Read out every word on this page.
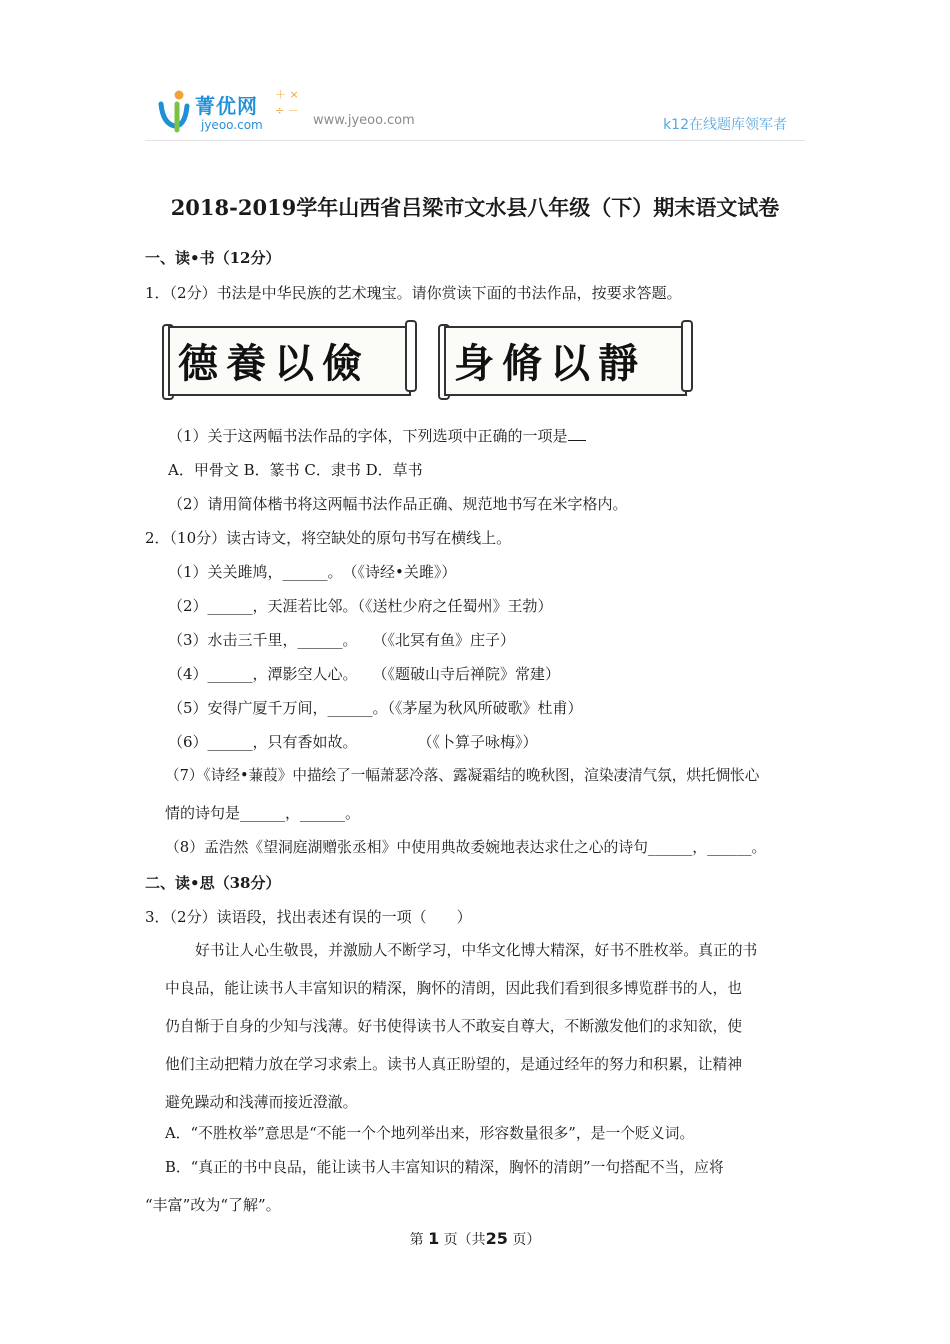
菁优网
jyeoo.com
＋ ×
÷ －
www.jyeoo.com	k12在线题库领军者
2018-2019学年山西省吕梁市文水县八年级（下）期末语文试卷
一、读•书（12分）
1．（2分）书法是中华民族的艺术瑰宝。请你赏读下面的书法作品，按要求答题。
德養以儉	身脩以靜
（1）关于这两幅书法作品的字体，下列选项中正确的一项是
A．甲骨文 B．篆书 C．隶书 D．草书
（2）请用简体楷书将这两幅书法作品正确、规范地书写在米字格内。
2．（10分）读古诗文，将空缺处的原句书写在横线上。
（1）关关雎鸠，______。　（《诗经•关雎》）
（2）______，天涯若比邻。（《送杜少府之任蜀州》王勃）
（3）水击三千里，______。　　（《北冥有鱼》庄子）
（4）______，潭影空人心。　　（《题破山寺后禅院》常建）
（5）安得广厦千万间，______。（《茅屋为秋风所破歌》杜甫）
（6）______，只有香如故。　　　　　（《卜算子咏梅》）
（7）《诗经•蒹葭》中描绘了一幅萧瑟冷落、露凝霜结的晚秋图，渲染凄清气氛，烘托惆怅心
情的诗句是______，______。
（8）孟浩然《望洞庭湖赠张丞相》中使用典故委婉地表达求仕之心的诗句______，______。
二、读•思（38分）
3．（2分）读语段，找出表述有误的一项（　　）
好书让人心生敬畏，并激励人不断学习，中华文化博大精深，好书不胜枚举。真正的书
中良品，能让读书人丰富知识的精深，胸怀的清朗，因此我们看到很多博览群书的人，也
仍自惭于自身的少知与浅薄。好书使得读书人不敢妄自尊大，不断激发他们的求知欲，使
他们主动把精力放在学习求索上。读书人真正盼望的，是通过经年的努力和积累，让精神
避免躁动和浅薄而接近澄澈。
A．“不胜枚举”意思是“不能一个个地列举出来，形容数量很多”，是一个贬义词。
B．“真正的书中良品，能让读书人丰富知识的精深，胸怀的清朗”一句搭配不当，应将
“丰富”改为“了解”。
第 1 页（共25 页）
